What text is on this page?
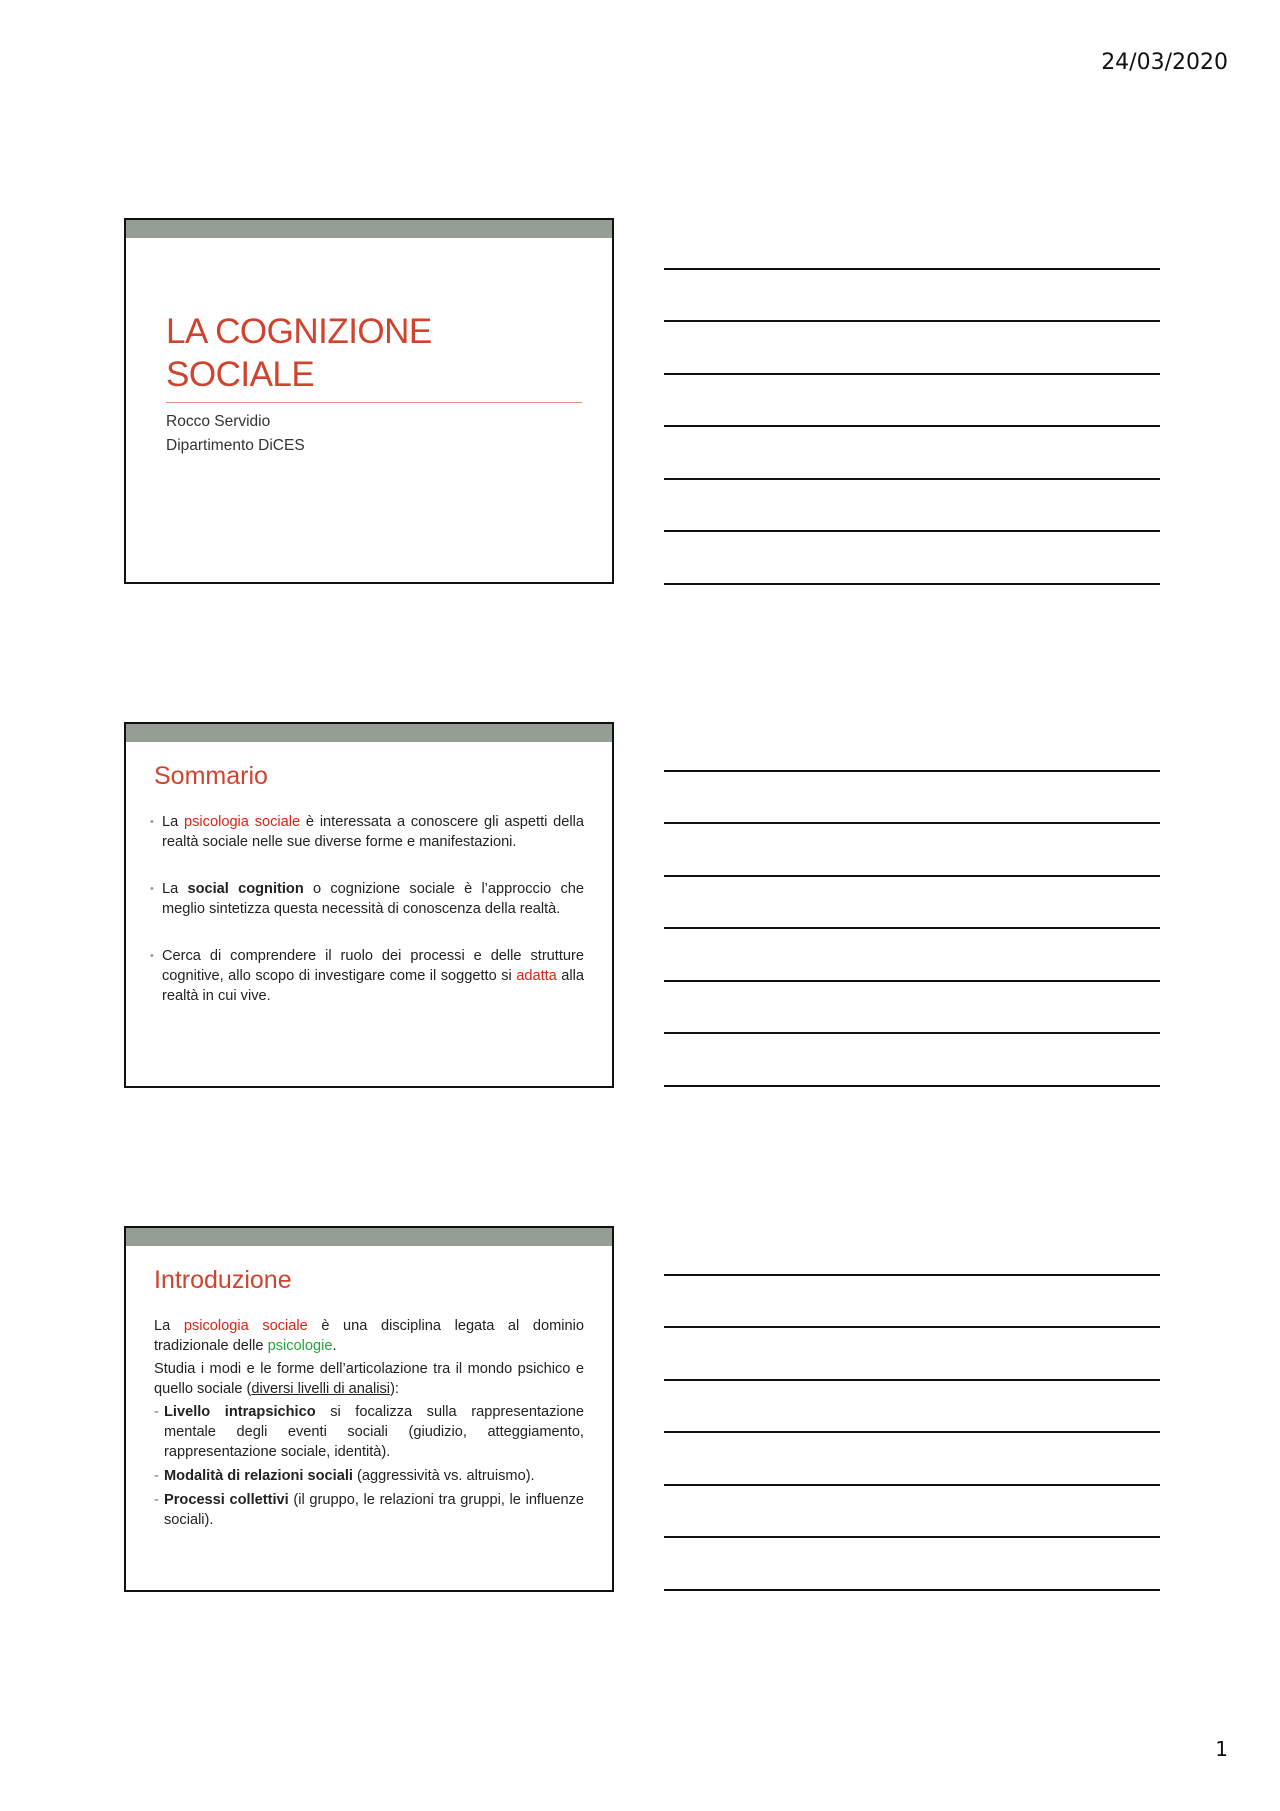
24/03/2020
LA COGNIZIONE
SOCIALE
Rocco Servidio
Dipartimento DiCES
Sommario
• La psicologia sociale è interessata a conoscere gli aspetti della realtà sociale nelle sue diverse forme e manifestazioni.
• La social cognition o cognizione sociale è l’approccio che meglio sintetizza questa necessità di conoscenza della realtà.
• Cerca di comprendere il ruolo dei processi e delle strutture cognitive, allo scopo di investigare come il soggetto si adatta alla realtà in cui vive.
Introduzione

La psicologia sociale è una disciplina legata al dominio tradizionale delle psicologie.

Studia i modi e le forme dell’articolazione tra il mondo psichico e quello sociale (diversi livelli di analisi):

- Livello intrapsichico si focalizza sulla rappresentazione mentale degli eventi sociali (giudizio, atteggiamento, rappresentazione sociale, identità).
- Modalità di relazioni sociali (aggressività vs. altruismo).
- Processi collettivi (il gruppo, le relazioni tra gruppi, le influenze sociali).
1
